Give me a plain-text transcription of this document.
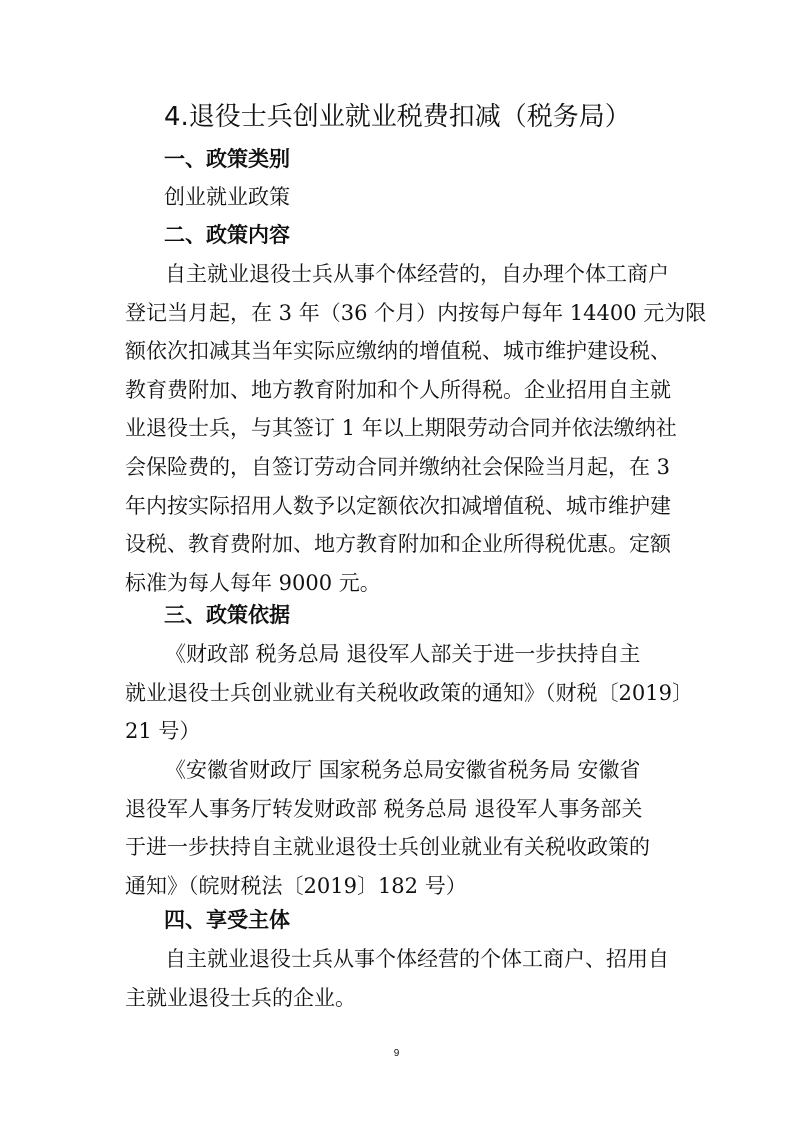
4.退役士兵创业就业税费扣减（税务局）
一、政策类别
创业就业政策
二、政策内容
自主就业退役士兵从事个体经营的，自办理个体工商户
登记当月起，在 3 年（36 个月）内按每户每年 14400 元为限
额依次扣减其当年实际应缴纳的增值税、城市维护建设税、
教育费附加、地方教育附加和个人所得税。企业招用自主就
业退役士兵，与其签订 1 年以上期限劳动合同并依法缴纳社
会保险费的，自签订劳动合同并缴纳社会保险当月起，在 3
年内按实际招用人数予以定额依次扣减增值税、城市维护建
设税、教育费附加、地方教育附加和企业所得税优惠。定额
标准为每人每年 9000 元。
三、政策依据
《财政部 税务总局 退役军人部关于进一步扶持自主
就业退役士兵创业就业有关税收政策的通知》（财税〔2019〕
21 号）
《安徽省财政厅 国家税务总局安徽省税务局 安徽省
退役军人事务厅转发财政部 税务总局 退役军人事务部关
于进一步扶持自主就业退役士兵创业就业有关税收政策的
通知》（皖财税法〔2019〕182 号）
四、享受主体
自主就业退役士兵从事个体经营的个体工商户、招用自
主就业退役士兵的企业。
9
